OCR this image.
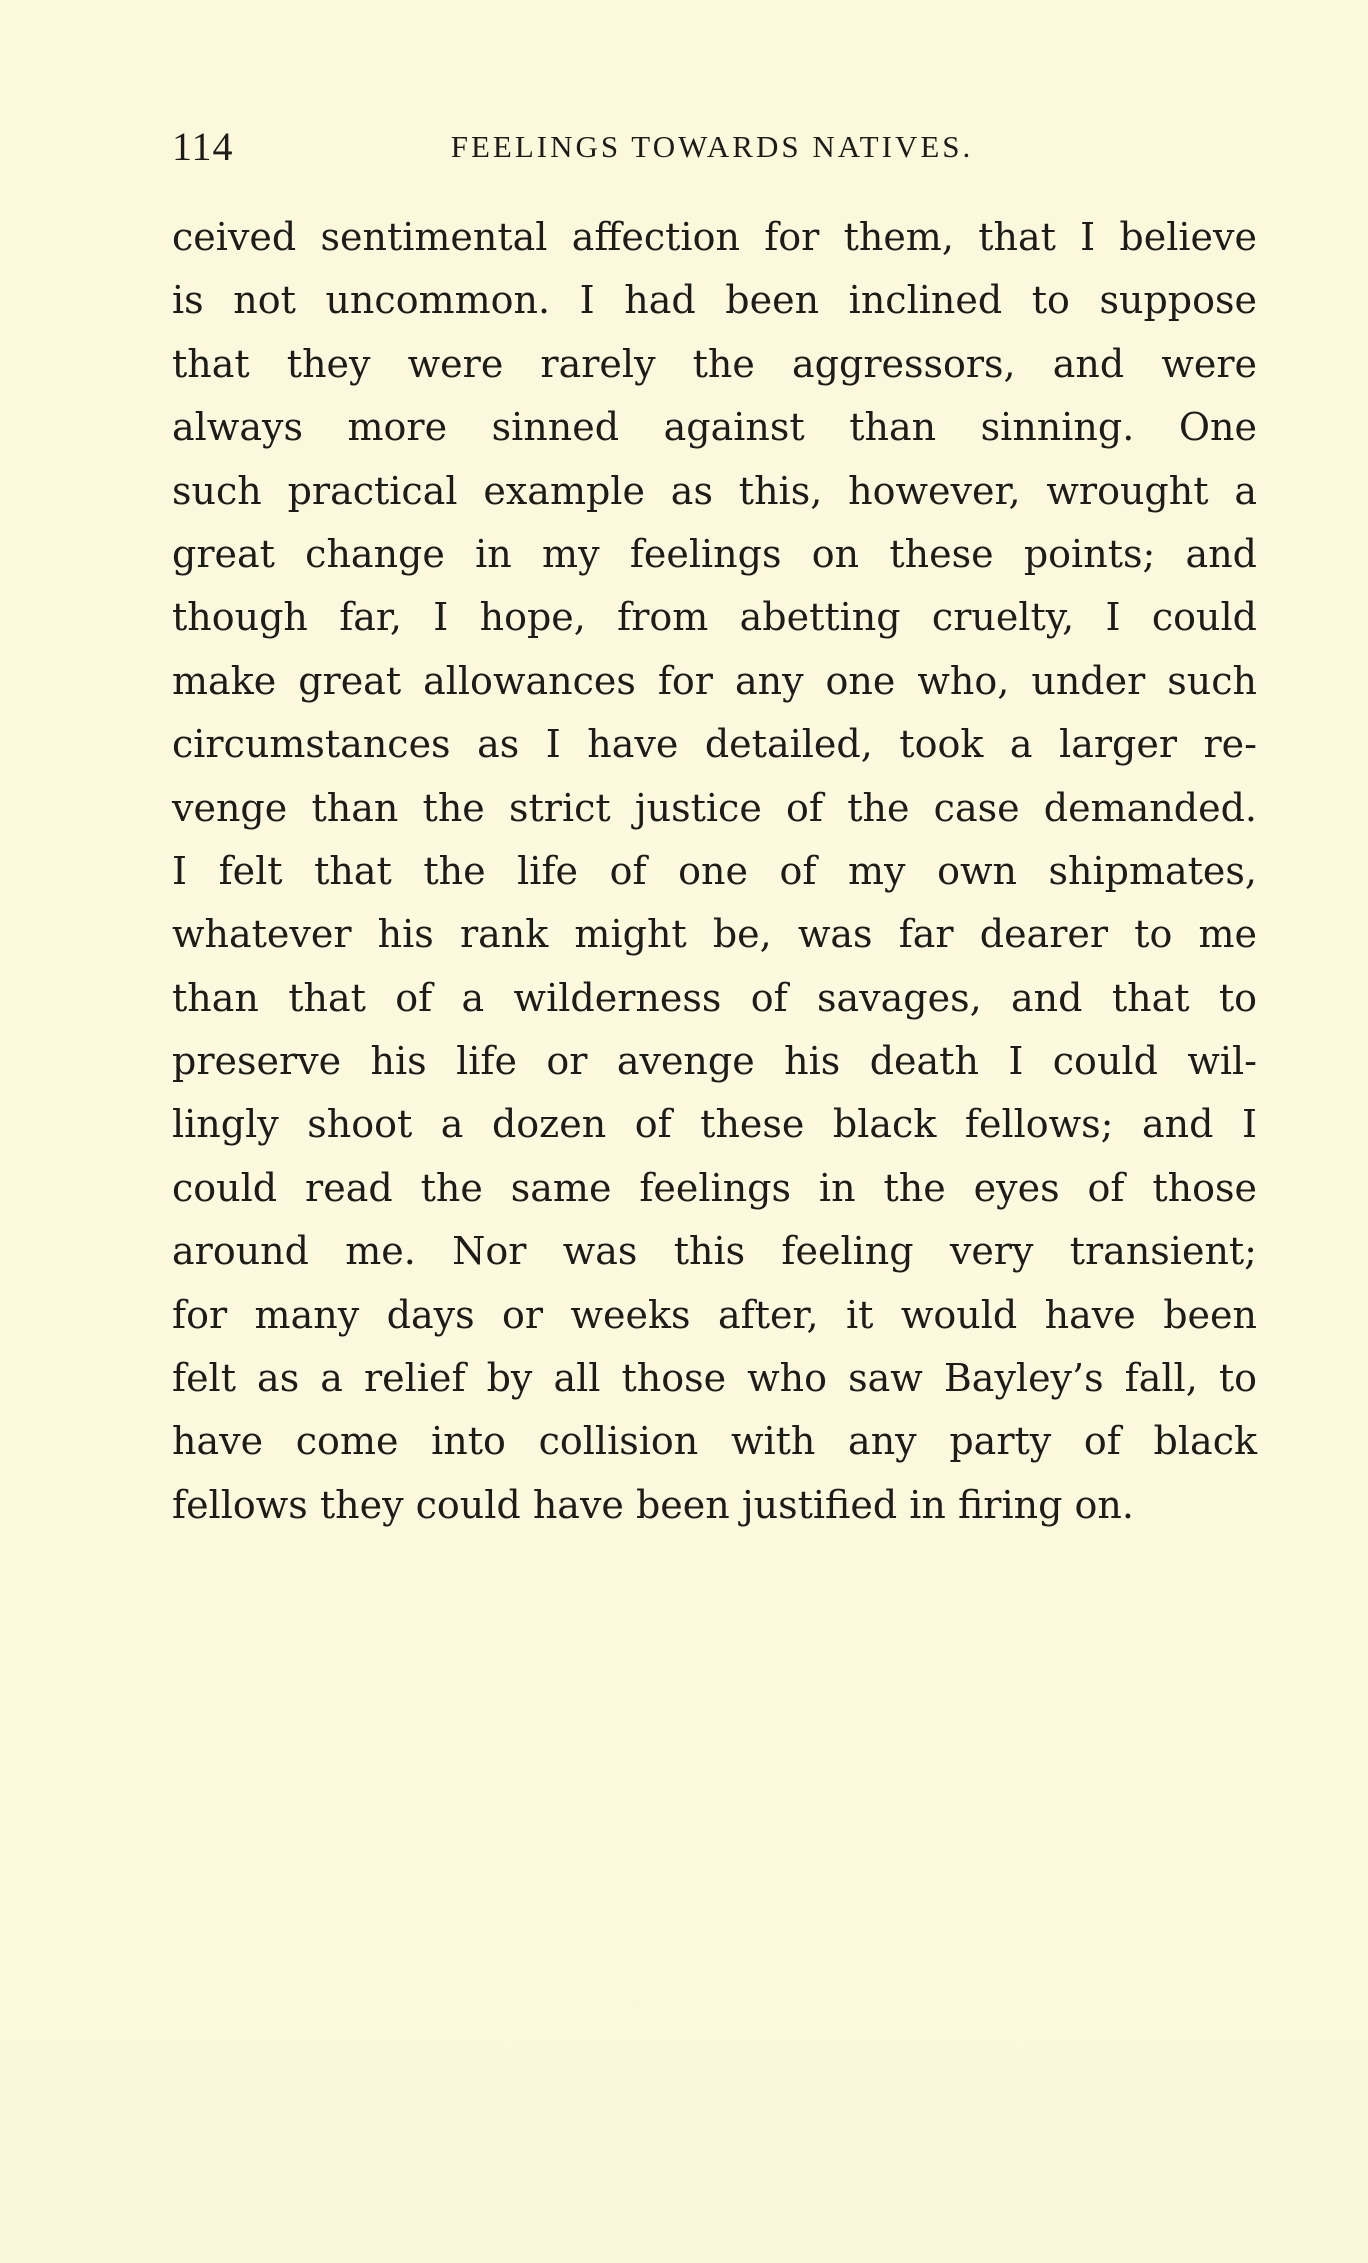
114	FEELINGS TOWARDS NATIVES.
ceived sentimental affection for them, that I believe
is not uncommon. I had been inclined to suppose
that they were rarely the aggressors, and were
always more sinned against than sinning. One
such practical example as this, however, wrought a
great change in my feelings on these points; and
though far, I hope, from abetting cruelty, I could
make great allowances for any one who, under such
circumstances as I have detailed, took a larger re-
venge than the strict justice of the case demanded.
I felt that the life of one of my own shipmates,
whatever his rank might be, was far dearer to me
than that of a wilderness of savages, and that to
preserve his life or avenge his death I could wil-
lingly shoot a dozen of these black fellows; and I
could read the same feelings in the eyes of those
around me. Nor was this feeling very transient;
for many days or weeks after, it would have been
felt as a relief by all those who saw Bayley’s fall, to
have come into collision with any party of black
fellows they could have been justified in firing on.
